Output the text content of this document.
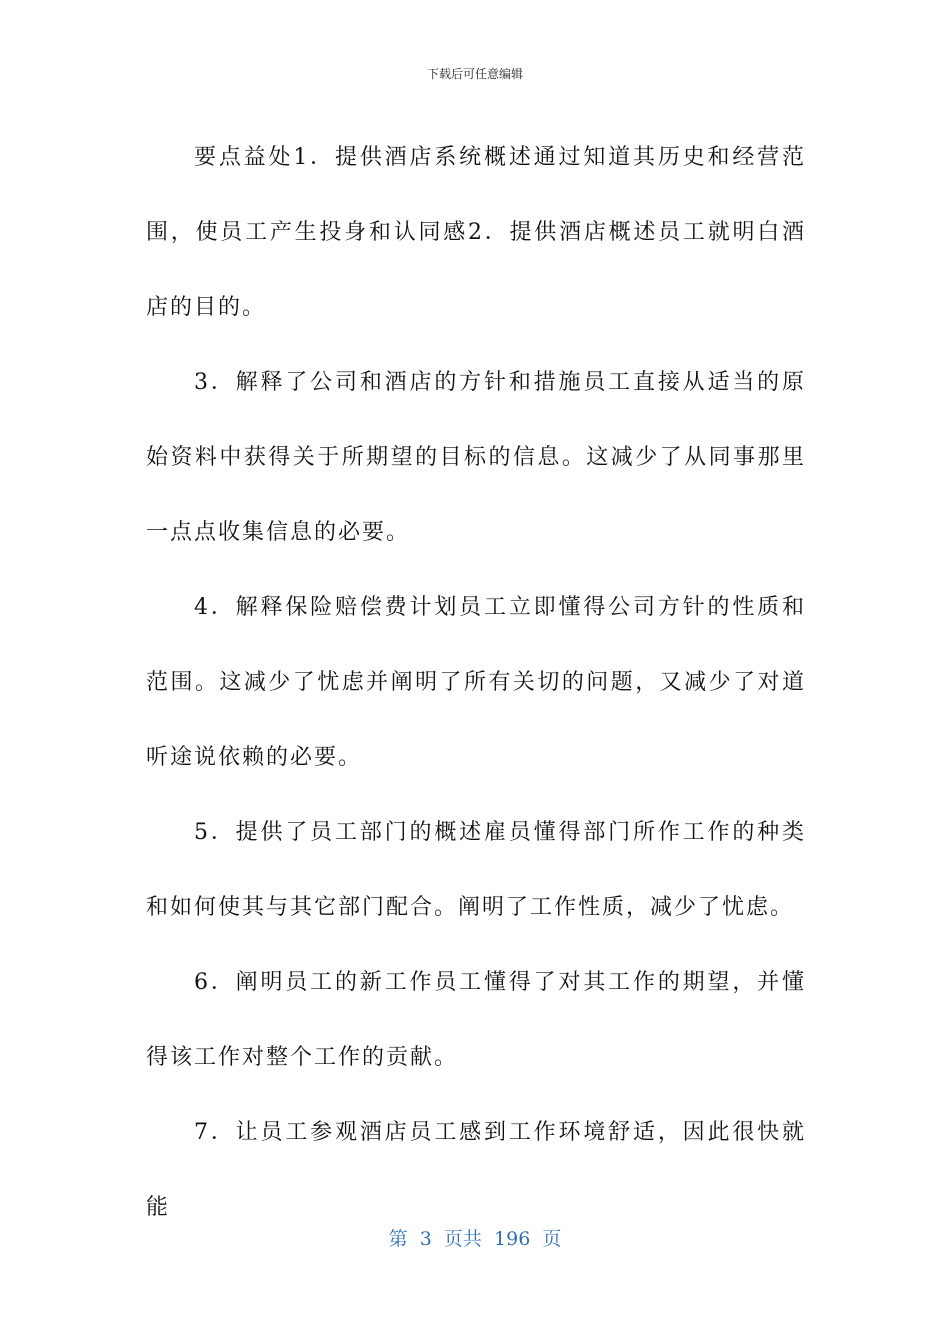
下载后可任意编辑

要点益处1．提供酒店系统概述通过知道其历史和经营范围，使员工产生投身和认同感2．提供酒店概述员工就明白酒店的目的。

3．解释了公司和酒店的方针和措施员工直接从适当的原始资料中获得关于所期望的目标的信息。这减少了从同事那里一点点收集信息的必要。

4．解释保险赔偿费计划员工立即懂得公司方针的性质和范围。这减少了忧虑并阐明了所有关切的问题，又减少了对道听途说依赖的必要。

5．提供了员工部门的概述雇员懂得部门所作工作的种类和如何使其与其它部门配合。阐明了工作性质，减少了忧虑。

6．阐明员工的新工作员工懂得了对其工作的期望，并懂得该工作对整个工作的贡献。

7．让员工参观酒店员工感到工作环境舒适，因此很快就能

第 3 页共 196 页
